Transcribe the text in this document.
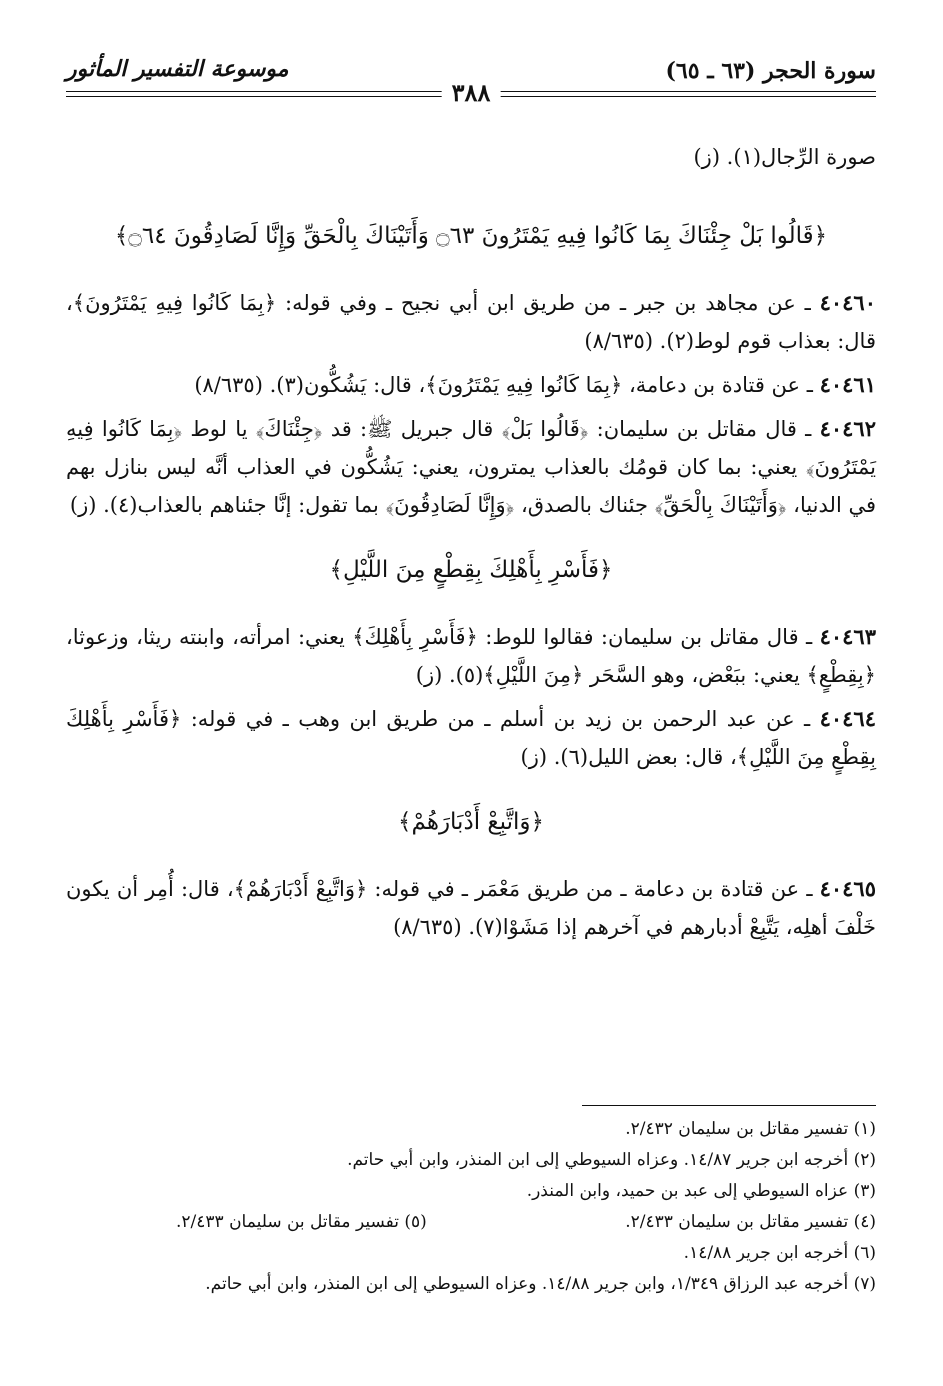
سورة الحجر (٦٣ ـ ٦٥)
٣٨٨
موسوعة التفسير المأثور

صورة الرِّجال(١). (ز)

﴿قَالُوا بَلْ جِئْنَاكَ بِمَا كَانُوا فِيهِ يَمْتَرُونَ ۝٦٣ وَأَتَيْنَاكَ بِالْحَقِّ وَإِنَّا لَصَادِقُونَ ۝٦٤﴾

٤٠٤٦٠ ـ عن مجاهد بن جبر ـ من طريق ابن أبي نجيح ـ وفي قوله: ﴿بِمَا كَانُوا فِيهِ يَمْتَرُونَ﴾، قال: بعذاب قوم لوط(٢). (٨/٦٣٥)

٤٠٤٦١ ـ عن قتادة بن دعامة، ﴿بِمَا كَانُوا فِيهِ يَمْتَرُونَ﴾، قال: يَشُكُّون(٣). (٨/٦٣٥)

٤٠٤٦٢ ـ قال مقاتل بن سليمان: ﴿قَالُوا بَلْ﴾ قال جبريل ﷺ: قد ﴿جِئْنَاكَ﴾ يا لوط ﴿بِمَا كَانُوا فِيهِ يَمْتَرُونَ﴾ يعني: بما كان قومُك بالعذاب يمترون، يعني: يَشُكُّون في العذاب أنَّه ليس بنازل بهم في الدنيا، ﴿وَأَتَيْنَاكَ بِالْحَقِّ﴾ جئناك بالصدق، ﴿وَإِنَّا لَصَادِقُونَ﴾ بما تقول: إنَّا جئناهم بالعذاب(٤). (ز)

﴿فَأَسْرِ بِأَهْلِكَ بِقِطْعٍ مِنَ اللَّيْلِ﴾

٤٠٤٦٣ ـ قال مقاتل بن سليمان: فقالوا للوط: ﴿فَأَسْرِ بِأَهْلِكَ﴾ يعني: امرأته، وابنته ريثا، وزعوثا، ﴿بِقِطْعٍ﴾ يعني: ببَعْض، وهو السَّحَر ﴿مِنَ اللَّيْلِ﴾(٥). (ز)

٤٠٤٦٤ ـ عن عبد الرحمن بن زيد بن أسلم ـ من طريق ابن وهب ـ في قوله: ﴿فَأَسْرِ بِأَهْلِكَ بِقِطْعٍ مِنَ اللَّيْلِ﴾، قال: بعض الليل(٦). (ز)

﴿وَاتَّبِعْ أَدْبَارَهُمْ﴾

٤٠٤٦٥ ـ عن قتادة بن دعامة ـ من طريق مَعْمَر ـ في قوله: ﴿وَاتَّبِعْ أَدْبَارَهُمْ﴾، قال: أُمِر أن يكون خَلْفَ أهلِه، يَتَّبِعْ أدبارهم في آخرهم إذا مَشَوْا(٧). (٨/٦٣٥)

(١) تفسير مقاتل بن سليمان ٢/٤٣٢.
(٢) أخرجه ابن جرير ١٤/٨٧. وعزاه السيوطي إلى ابن المنذر، وابن أبي حاتم.
(٣) عزاه السيوطي إلى عبد بن حميد، وابن المنذر.
(٤) تفسير مقاتل بن سليمان ٢/٤٣٣.
(٥) تفسير مقاتل بن سليمان ٢/٤٣٣.
(٦) أخرجه ابن جرير ١٤/٨٨.
(٧) أخرجه عبد الرزاق ١/٣٤٩، وابن جرير ١٤/٨٨. وعزاه السيوطي إلى ابن المنذر، وابن أبي حاتم.
